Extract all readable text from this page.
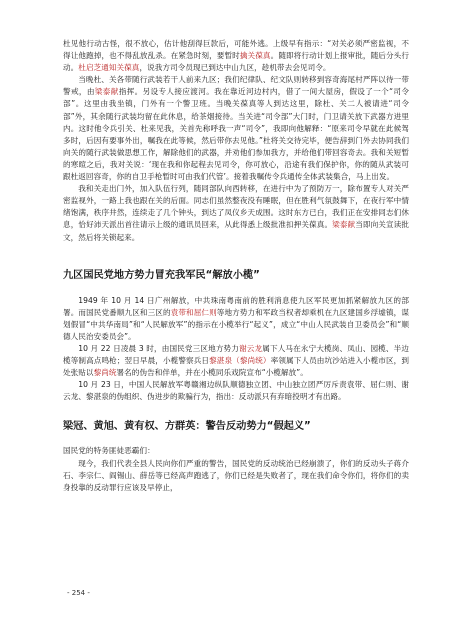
杜见他行动古怪，很不放心，估计他刮得巨款后，可能外逃。上级早有指示：“对关必须严密监视，不得让他跑掉，也不得乱放乱杀。在紧急时刻，要暂时擒关葆真。随即将行动计划上报审批，随后分头行动。杜启芝通知关葆真，说我方司令员现已到达中山九区，趁机带去会见司令。

当晚杜、关各带随行武装若干人前来九区；我们纪律队、纪文队则转移到容奇海尾村严阵以待一带警戒，由梁泰献指挥。另设专人接应渡河。我在靠近河边村内，借了一间大屋房，假设了一个“司令部”。这里由我坐镇，门外有一个警卫班。当晚关葆真等人到达这里，除杜、关二人被请进“司令部”外，其余随行武装均留在此休息，给茶烟接待。当关进“司令部”大门时，门卫请关放下武器方进里内。这时他令兵引关、杜来见我，关首先称呼我一声“司令”，我即向他解释：“原来司令早就在此候驾多时，后因有要事外出，嘱我在此等候，然后带你去见他。”杜将关交待完毕，便告辞到门外去协同我们向关的随行武装做思想工作，解除他们的武器，并劝他们参加我方，并给他们带回容奇去。我和关短暂的寒暄之后，我对关说：‘现在我和你起程去见司令，你可放心，沿途有我们保护你，你的随从武装可跟杜返回容奇，你的自卫手枪暂时可由我们代管’。接着我嘱传令兵通传全体武装集合，马上出发。

我和关走出门外，加入队伍行列，随同部队向西转移，在进行中为了预防万一，除布置专人对关严密监视外，一路上我也跟在关的后面。同志们虽然整夜没有睡眠，但在胜利气氛鼓舞下，在夜行军中情绪饱满，秩序井然，连续走了几个钟头，到达了凤仪乡天成围。这时东方已白，我们正在安排同志们休息，恰好沛天派出首往请示上级的通讯员回来，从此得悉上级批准扣押关葆真。梁泰献当即向关宣读批文，然后将关锁起来。

九区国民党地方势力冒充我军民“解放小榄”

1949 年 10 月 14 日广州解放，中共珠南粤南前的胜利消息使九区军民更加抓紧解放九区的部署。而国民党番顺九区和三区的袁带和屈仁则等地方势力和军政当权者却乘机在九区建国乡浮墟镇，谋划假冒“中共华南局”和“人民解放军”的指示在小榄举行“起义”，成立“中山人民武装自卫委员会”和“顺德人民治安委员会”。

10 月 22 日凌晨 3 时，由国民党三区地方势力谢云龙属下人马在永宁大榄岗、凤山、园榄、半边榄等制高点鸣枪；翌日早晨，小榄警察兵日黎湛泉（黎尚统）率领属下人员由坑沙站进入小榄市区，到处张贴以黎尚统署名的伪告和伴单，并在小榄同乐戏院宣布“小榄解放”。

10 月 23 日，中国人民解放军粤赣湘边纵队顺德独立团、中山独立团严厉斥责袁带、屈仁则、谢云龙、黎湛泉的伪组织、伪进步的欺骗行为，指出：反动派只有弃暗投明才有出路。

梁冠、黄旭、黄有权、方群英：警告反动势力“假起义”

国民党的特务匪徒恶霸们：

现今，我们代表全县人民向你们严重的警告，国民党的反动统治已经崩溃了，你们的反动头子蒋介石、李宗仁、阎锡山、薛岳等已经高声跑逃了，你们已经是失败者了，现在我们命令你们，将你们的卖身投靠的反动罪行应该及早停止，

- 254 -
